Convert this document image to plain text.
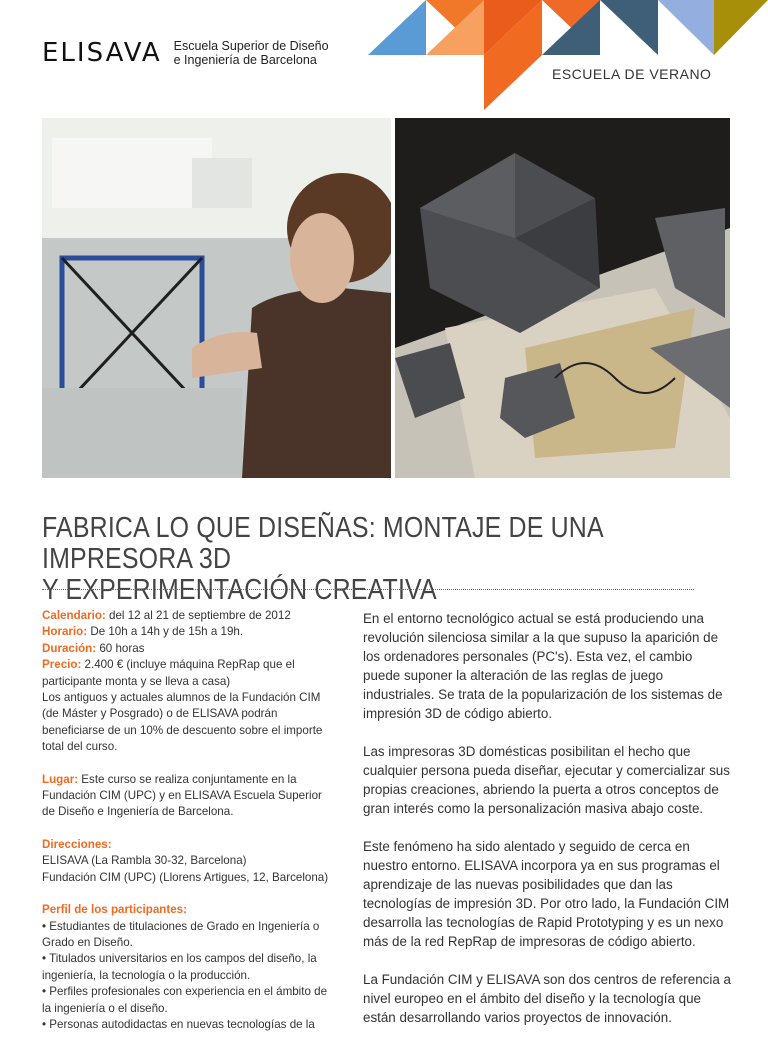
ELISAVA Escuela Superior de Diseño
e Ingeniería de Barcelona
ESCUELA DE VERANO
FABRICA LO QUE DISEÑAS: MONTAJE DE UNA IMPRESORA 3D
Y EXPERIMENTACIÓN CREATIVA

Calendario: del 12 al 21 de septiembre de 2012

Horario: De 10h a 14h y de 15h a 19h.

Duración: 60 horas

Precio: 2.400 € (incluye máquina RepRap que el participante monta y se lleva a casa)

Los antiguos y actuales alumnos de la Fundación CIM (de Máster y Posgrado) o de ELISAVA podrán beneficiarse de un 10% de descuento sobre el importe total del curso.

Lugar: Este curso se realiza conjuntamente en la Fundación CIM (UPC) y en ELISAVA Escuela Superior de Diseño e Ingeniería de Barcelona.

Direcciones:

ELISAVA (La Rambla 30-32, Barcelona)

Fundación CIM (UPC) (Llorens Artigues, 12, Barcelona)

Perfil de los participantes:

• Estudiantes de titulaciones de Grado en Ingeniería o Grado en Diseño.

• Titulados universitarios en los campos del diseño, la ingeniería, la tecnología o la producción.

• Perfiles profesionales con experiencia en el ámbito de la ingeniería o el diseño.

• Personas autodidactas en nuevas tecnologías de la

En el entorno tecnológico actual se está produciendo una revolución silenciosa similar a la que supuso la aparición de los ordenadores personales (PC's). Esta vez, el cambio puede suponer la alteración de las reglas de juego industriales. Se trata de la popularización de los sistemas de impresión 3D de código abierto.

Las impresoras 3D domésticas posibilitan el hecho que cualquier persona pueda diseñar, ejecutar y comercializar sus propias creaciones, abriendo la puerta a otros conceptos de gran interés como la personalización masiva abajo coste.

Este fenómeno ha sido alentado y seguido de cerca en nuestro entorno. ELISAVA incorpora ya en sus programas el aprendizaje de las nuevas posibilidades que dan las tecnologías de impresión 3D. Por otro lado, la Fundación CIM desarrolla las tecnologías de Rapid Prototyping y es un nexo más de la red RepRap de impresoras de código abierto.

La Fundación CIM y ELISAVA son dos centros de referencia a nivel europeo en el ámbito del diseño y la tecnología que están desarrollando varios proyectos de innovación.
